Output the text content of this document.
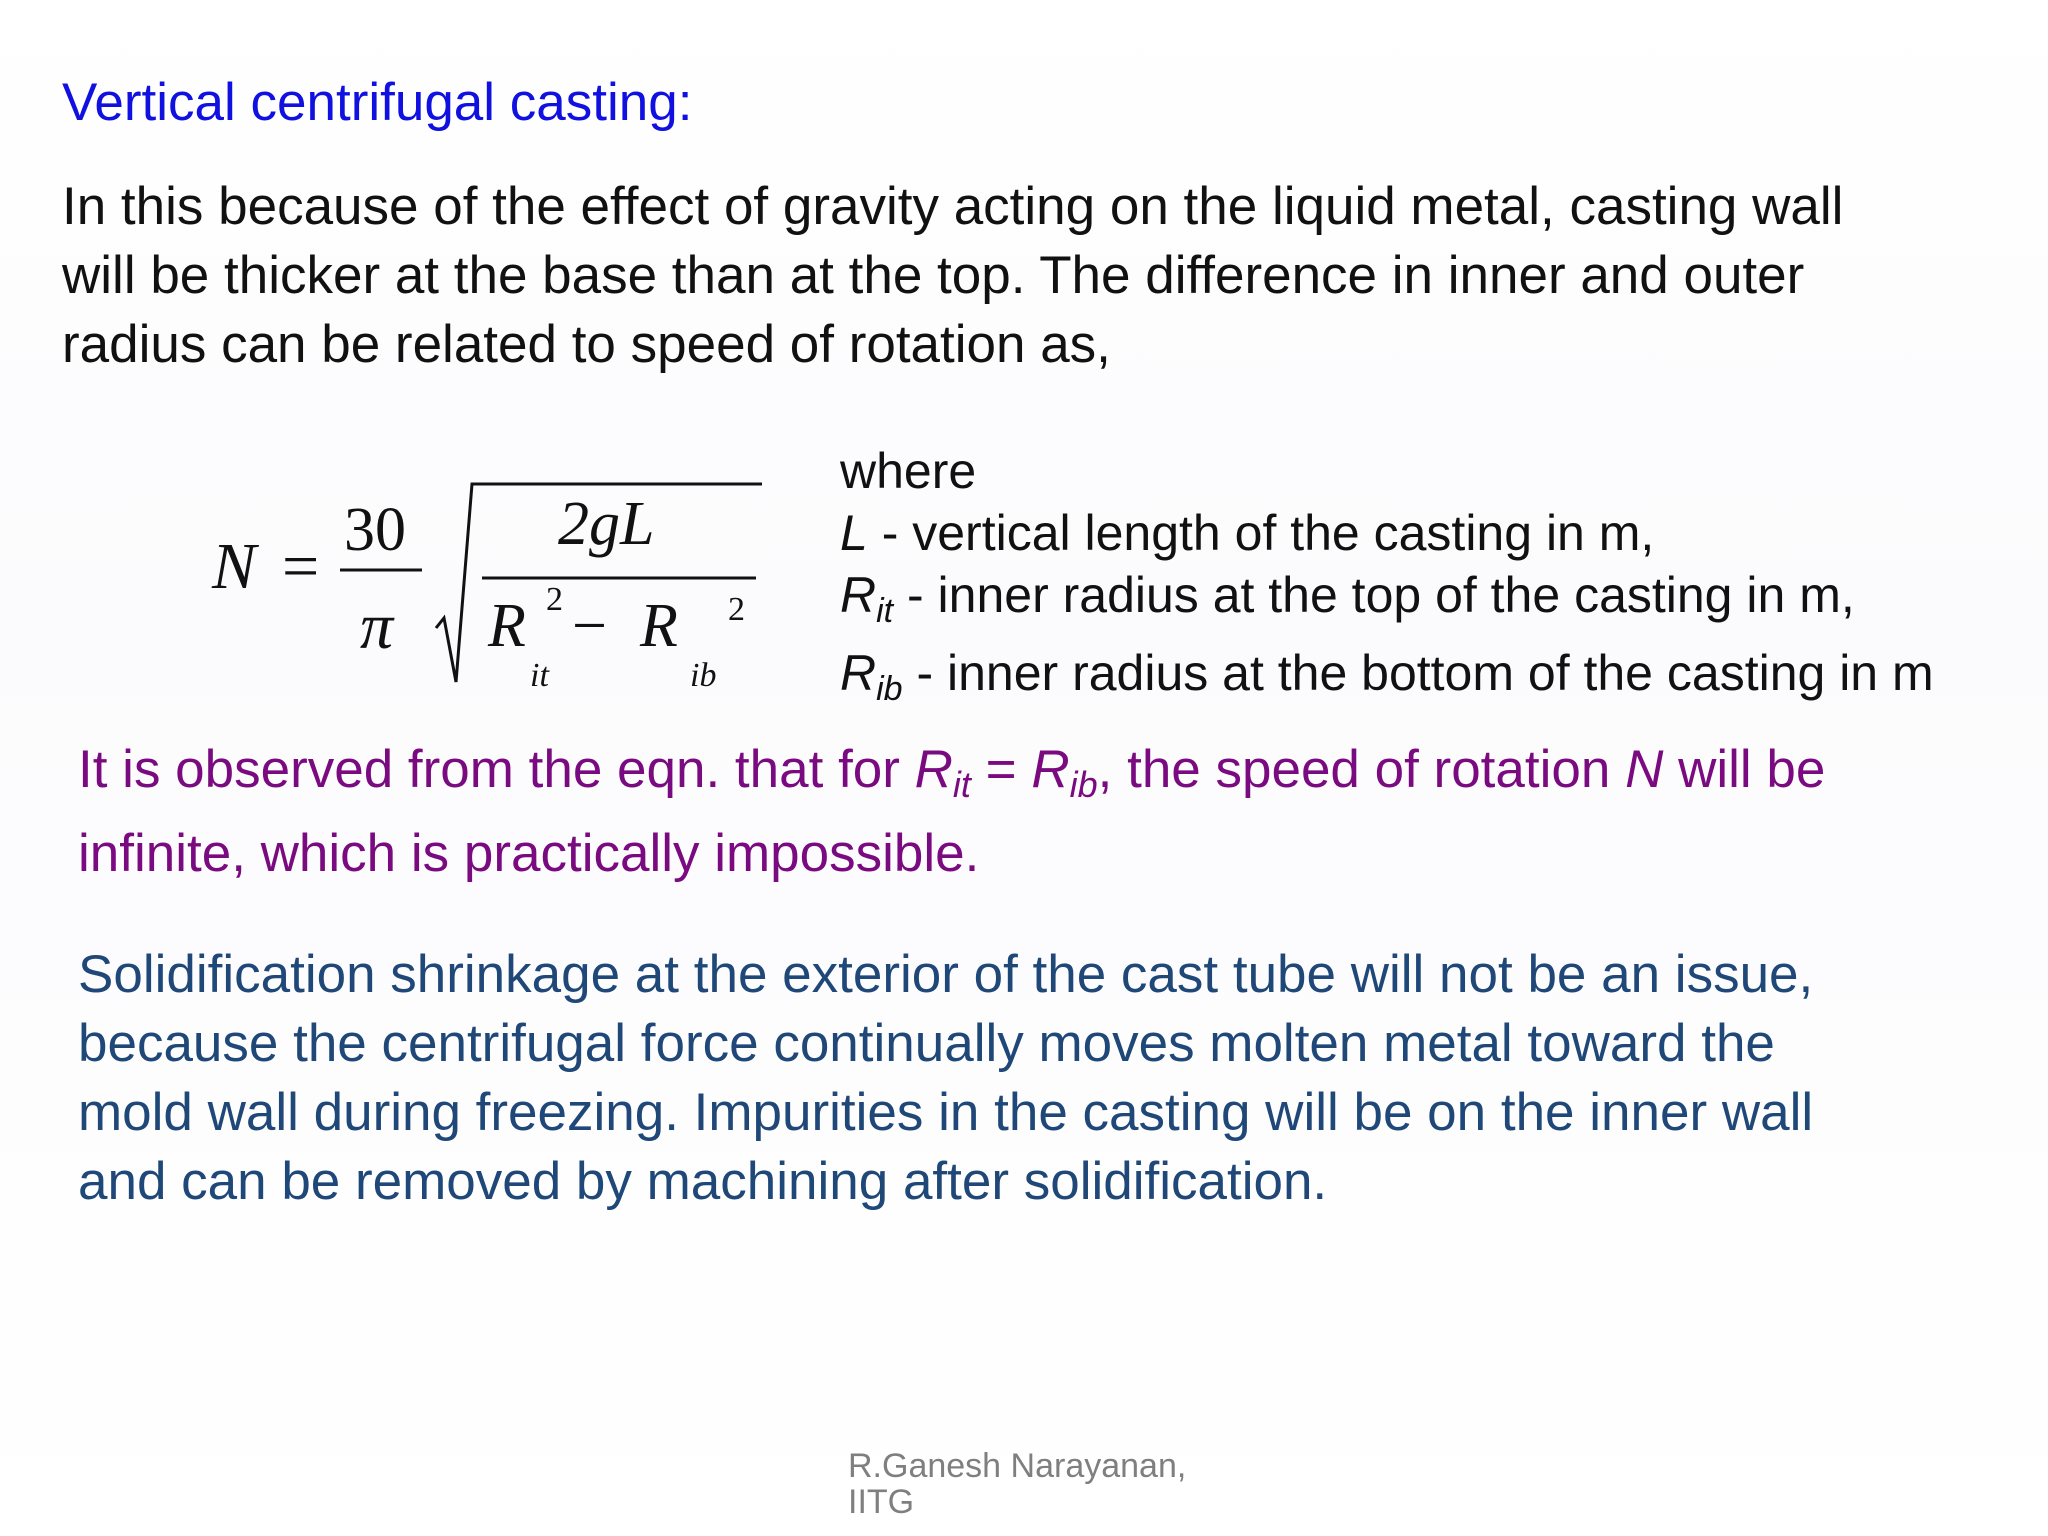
Vertical centrifugal casting:
In this because of the effect of gravity acting on the liquid metal, casting wall
will be thicker at the base than at the top. The difference in inner and outer
radius can be related to speed of rotation as,
N = 30
π
2gL
R 2 − R 2
it	ib
where
L - vertical length of the casting in m,
$R_{it}$ - inner radius at the top of the casting in m,
$R_{ib}$ - inner radius at the bottom of the casting in m
It is observed from the eqn. that for $R_{it} = R_{ib}$, the speed of rotation N will be
infinite, which is practically impossible.
Solidification shrinkage at the exterior of the cast tube will not be an issue,
because the centrifugal force continually moves molten metal toward the
mold wall during freezing. Impurities in the casting will be on the inner wall
and can be removed by machining after solidification.
R.Ganesh Narayanan,
IITG
